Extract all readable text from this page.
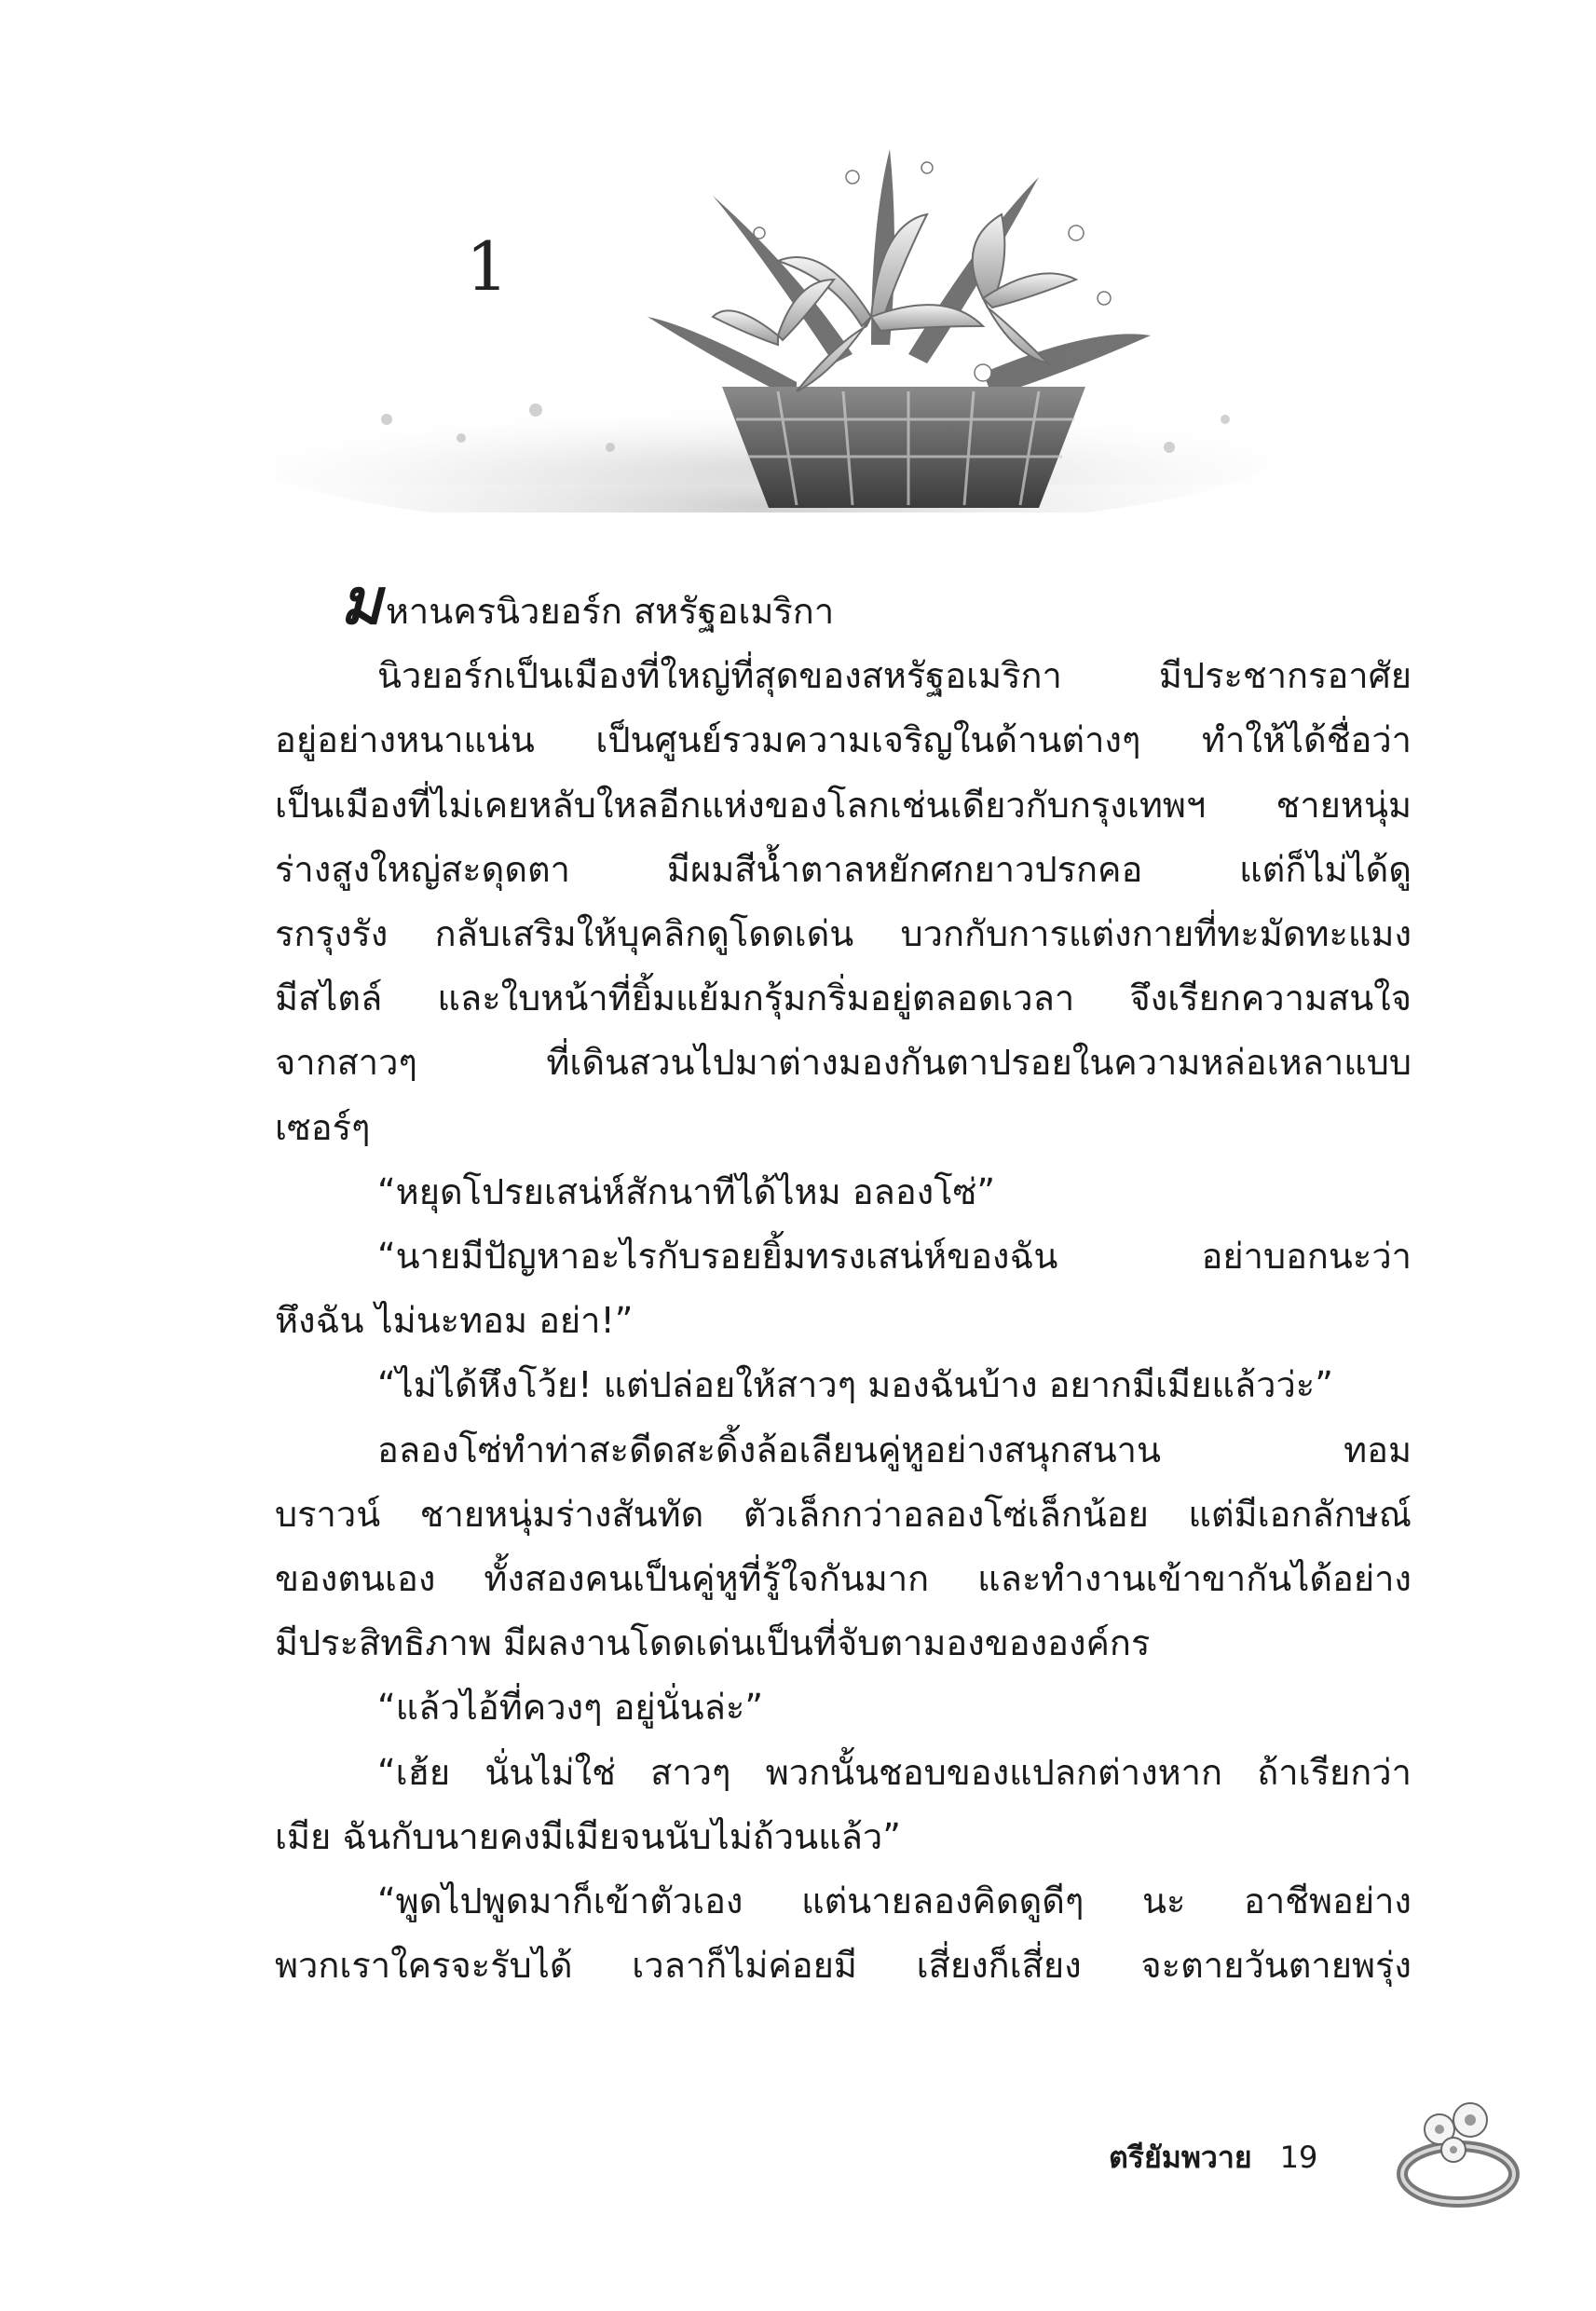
1

มหานครนิวยอร์ก สหรัฐอเมริกา

นิวยอร์กเป็นเมืองที่ใหญ่ที่สุดของสหรัฐอเมริกา มีประชากรอาศัย
อยู่อย่างหนาแน่น เป็นศูนย์รวมความเจริญในด้านต่างๆ ทำให้ได้ชื่อว่า
เป็นเมืองที่ไม่เคยหลับใหลอีกแห่งของโลกเช่นเดียวกับกรุงเทพฯ ชายหนุ่ม
ร่างสูงใหญ่สะดุดตา มีผมสีน้ำตาลหยักศกยาวปรกคอ แต่ก็ไม่ได้ดู
รกรุงรัง กลับเสริมให้บุคลิกดูโดดเด่น บวกกับการแต่งกายที่ทะมัดทะแมง
มีสไตล์ และใบหน้าที่ยิ้มแย้มกรุ้มกริ่มอยู่ตลอดเวลา จึงเรียกความสนใจ
จากสาวๆ ที่เดินสวนไปมาต่างมองกันตาปรอยในความหล่อเหลาแบบ
เซอร์ๆ

“หยุดโปรยเสน่ห์สักนาทีได้ไหม อลองโซ่”

“นายมีปัญหาอะไรกับรอยยิ้มทรงเสน่ห์ของฉัน อย่าบอกนะว่า
หึงฉัน ไม่นะทอม อย่า!”

“ไม่ได้หึงโว้ย! แต่ปล่อยให้สาวๆ มองฉันบ้าง อยากมีเมียแล้วว่ะ”

อลองโซ่ทำท่าสะดีดสะดิ้งล้อเลียนคู่หูอย่างสนุกสนาน ทอม
บราวน์ ชายหนุ่มร่างสันทัด ตัวเล็กกว่าอลองโซ่เล็กน้อย แต่มีเอกลักษณ์
ของตนเอง ทั้งสองคนเป็นคู่หูที่รู้ใจกันมาก และทำงานเข้าขากันได้อย่าง
มีประสิทธิภาพ มีผลงานโดดเด่นเป็นที่จับตามองขององค์กร

“แล้วไอ้ที่ควงๆ อยู่นั่นล่ะ”

“เฮ้ย นั่นไม่ใช่ สาวๆ พวกนั้นชอบของแปลกต่างหาก ถ้าเรียกว่า
เมีย ฉันกับนายคงมีเมียจนนับไม่ถ้วนแล้ว”

“พูดไปพูดมาก็เข้าตัวเอง แต่นายลองคิดดูดีๆ นะ อาชีพอย่าง
พวกเราใครจะรับได้ เวลาก็ไม่ค่อยมี เสี่ยงก็เสี่ยง จะตายวันตายพรุ่ง

ตรียัมพวาย 19
